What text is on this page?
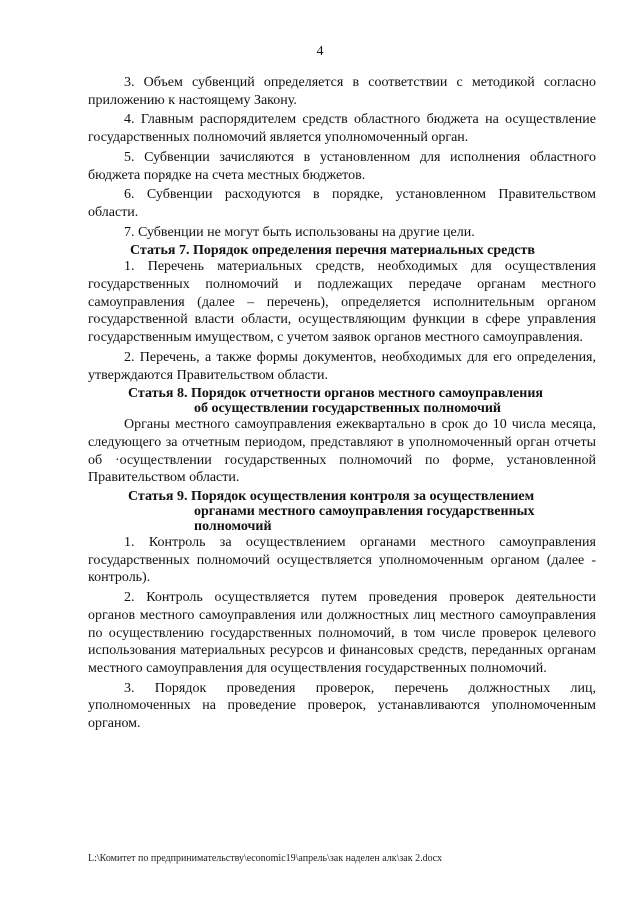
4

3. Объем субвенций определяется в соответствии с методикой согласно приложению к настоящему Закону.

4. Главным распорядителем средств областного бюджета на осуществление государственных полномочий является уполномоченный орган.

5. Субвенции зачисляются в установленном для исполнения областного бюджета порядке на счета местных бюджетов.

6. Субвенции расходуются в порядке, установленном Правительством области.

7. Субвенции не могут быть использованы на другие цели.

Статья 7. Порядок определения перечня материальных средств

1. Перечень материальных средств, необходимых для осуществления государственных полномочий и подлежащих передаче органам местного самоуправления (далее – перечень), определяется исполнительным органом государственной власти области, осуществляющим функции в сфере управления государственным имуществом, с учетом заявок органов местного самоуправления.

2. Перечень, а также формы документов, необходимых для его определения, утверждаются Правительством области.

Статья 8. Порядок отчетности органов местного самоуправления
об осуществлении государственных полномочий

Органы местного самоуправления ежеквартально в срок до 10 числа месяца, следующего за отчетным периодом, представляют в уполномоченный орган отчеты об ·осуществлении государственных полномочий по форме, установленной Правительством области.

Статья 9. Порядок осуществления контроля за осуществлением
органами местного самоуправления государственных
полномочий

1. Контроль за осуществлением органами местного самоуправления государственных полномочий осуществляется уполномоченным органом (далее - контроль).

2. Контроль осуществляется путем проведения проверок деятельности органов местного самоуправления или должностных лиц местного самоуправления по осуществлению государственных полномочий, в том числе проверок целевого использования материальных ресурсов и финансовых средств, переданных органам местного самоуправления для осуществления государственных полномочий.

3. Порядок проведения проверок, перечень должностных лиц, уполномоченных на проведение проверок, устанавливаются уполномоченным органом.

L:\Комитет по предпринимательству\economic19\апрель\зак наделен алк\зак 2.docx
